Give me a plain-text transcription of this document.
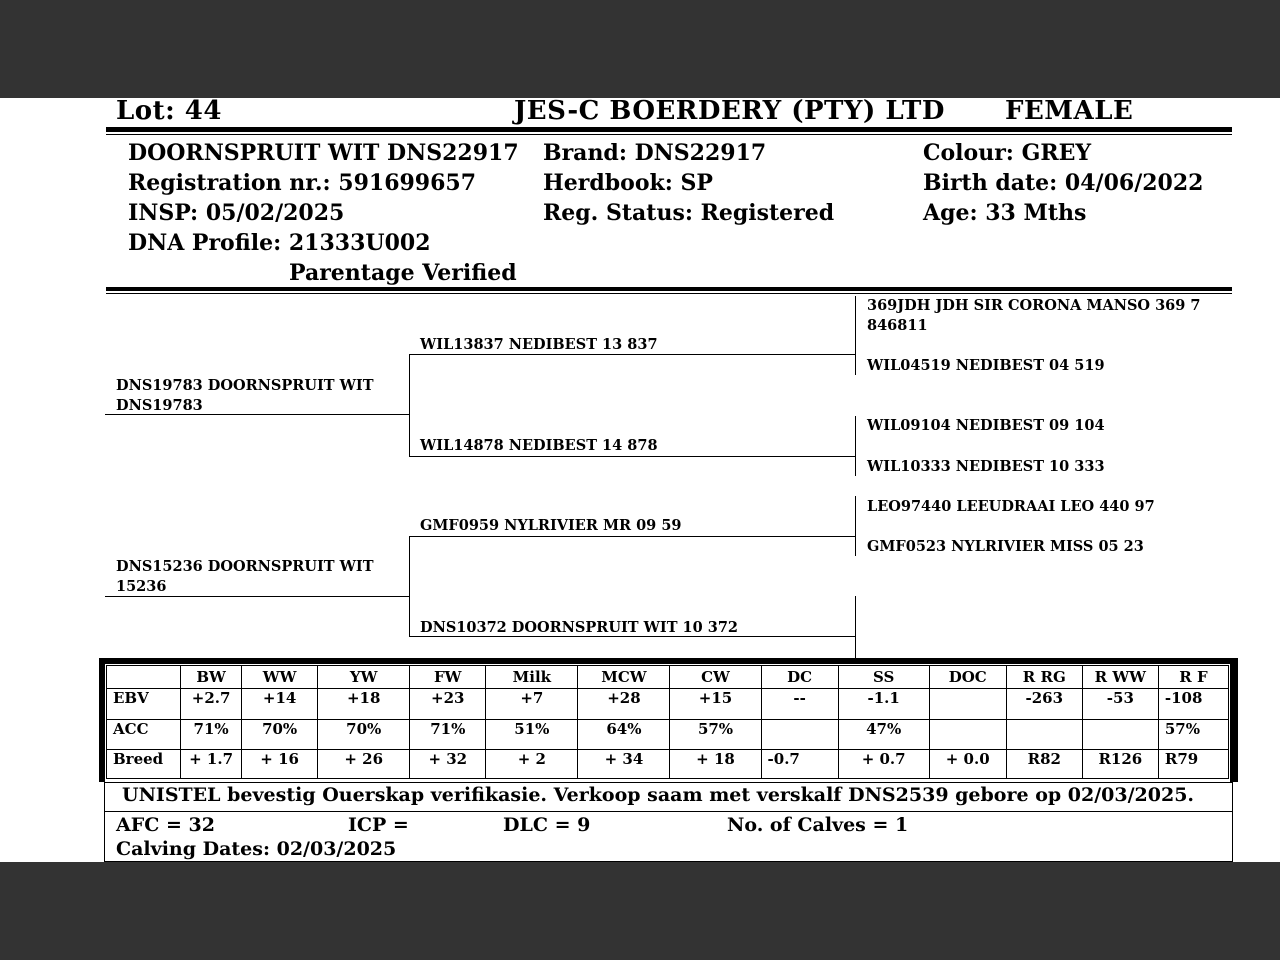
Lot: 44	JES-C BOERDERY (PTY) LTD FEMALE
DOORNSPRUIT WIT DNS22917
Registration nr.: 591699657
INSP: 05/02/2025
DNA Profile: 21333U002
Parentage Verified
Brand: DNS22917
Herdbook: SP
Reg. Status: Registered
Colour: GREY
Birth date: 04/06/2022
Age: 33 Mths
DNS19783 DOORNSPRUIT WIT DNS19783
DNS15236 DOORNSPRUIT WIT 15236
WIL13837 NEDIBEST 13 837
WIL14878 NEDIBEST 14 878
GMF0959 NYLRIVIER MR 09 59
DNS10372 DOORNSPRUIT WIT 10 372
369JDH JDH SIR CORONA MANSO 369 7 846811
WIL04519 NEDIBEST 04 519
WIL09104 NEDIBEST 09 104
WIL10333 NEDIBEST 10 333
LEO97440 LEEUDRAAI LEO 440 97
GMF0523 NYLRIVIER MISS 05 23
	BW	WW	YW	FW	Milk	MCW	CW	DC	SS	DOC	R RG	R WW	R F
EBV	+2.7	+14	+18	+23	+7	+28	+15	--	-1.1		-263	-53	-108
ACC	71%	70%	70%	71%	51%	64%	57%		47%				57%
Breed	+ 1.7	+ 16	+ 26	+ 32	+ 2	+ 34	+ 18	-0.7	+ 0.7	+ 0.0	R82	R126	R79
UNISTEL bevestig Ouerskap verifikasie. Verkoop saam met verskalf DNS2539 gebore op 02/03/2025.
AFC = 32	ICP =	DLC = 9	No. of Calves = 1
Calving Dates: 02/03/2025
